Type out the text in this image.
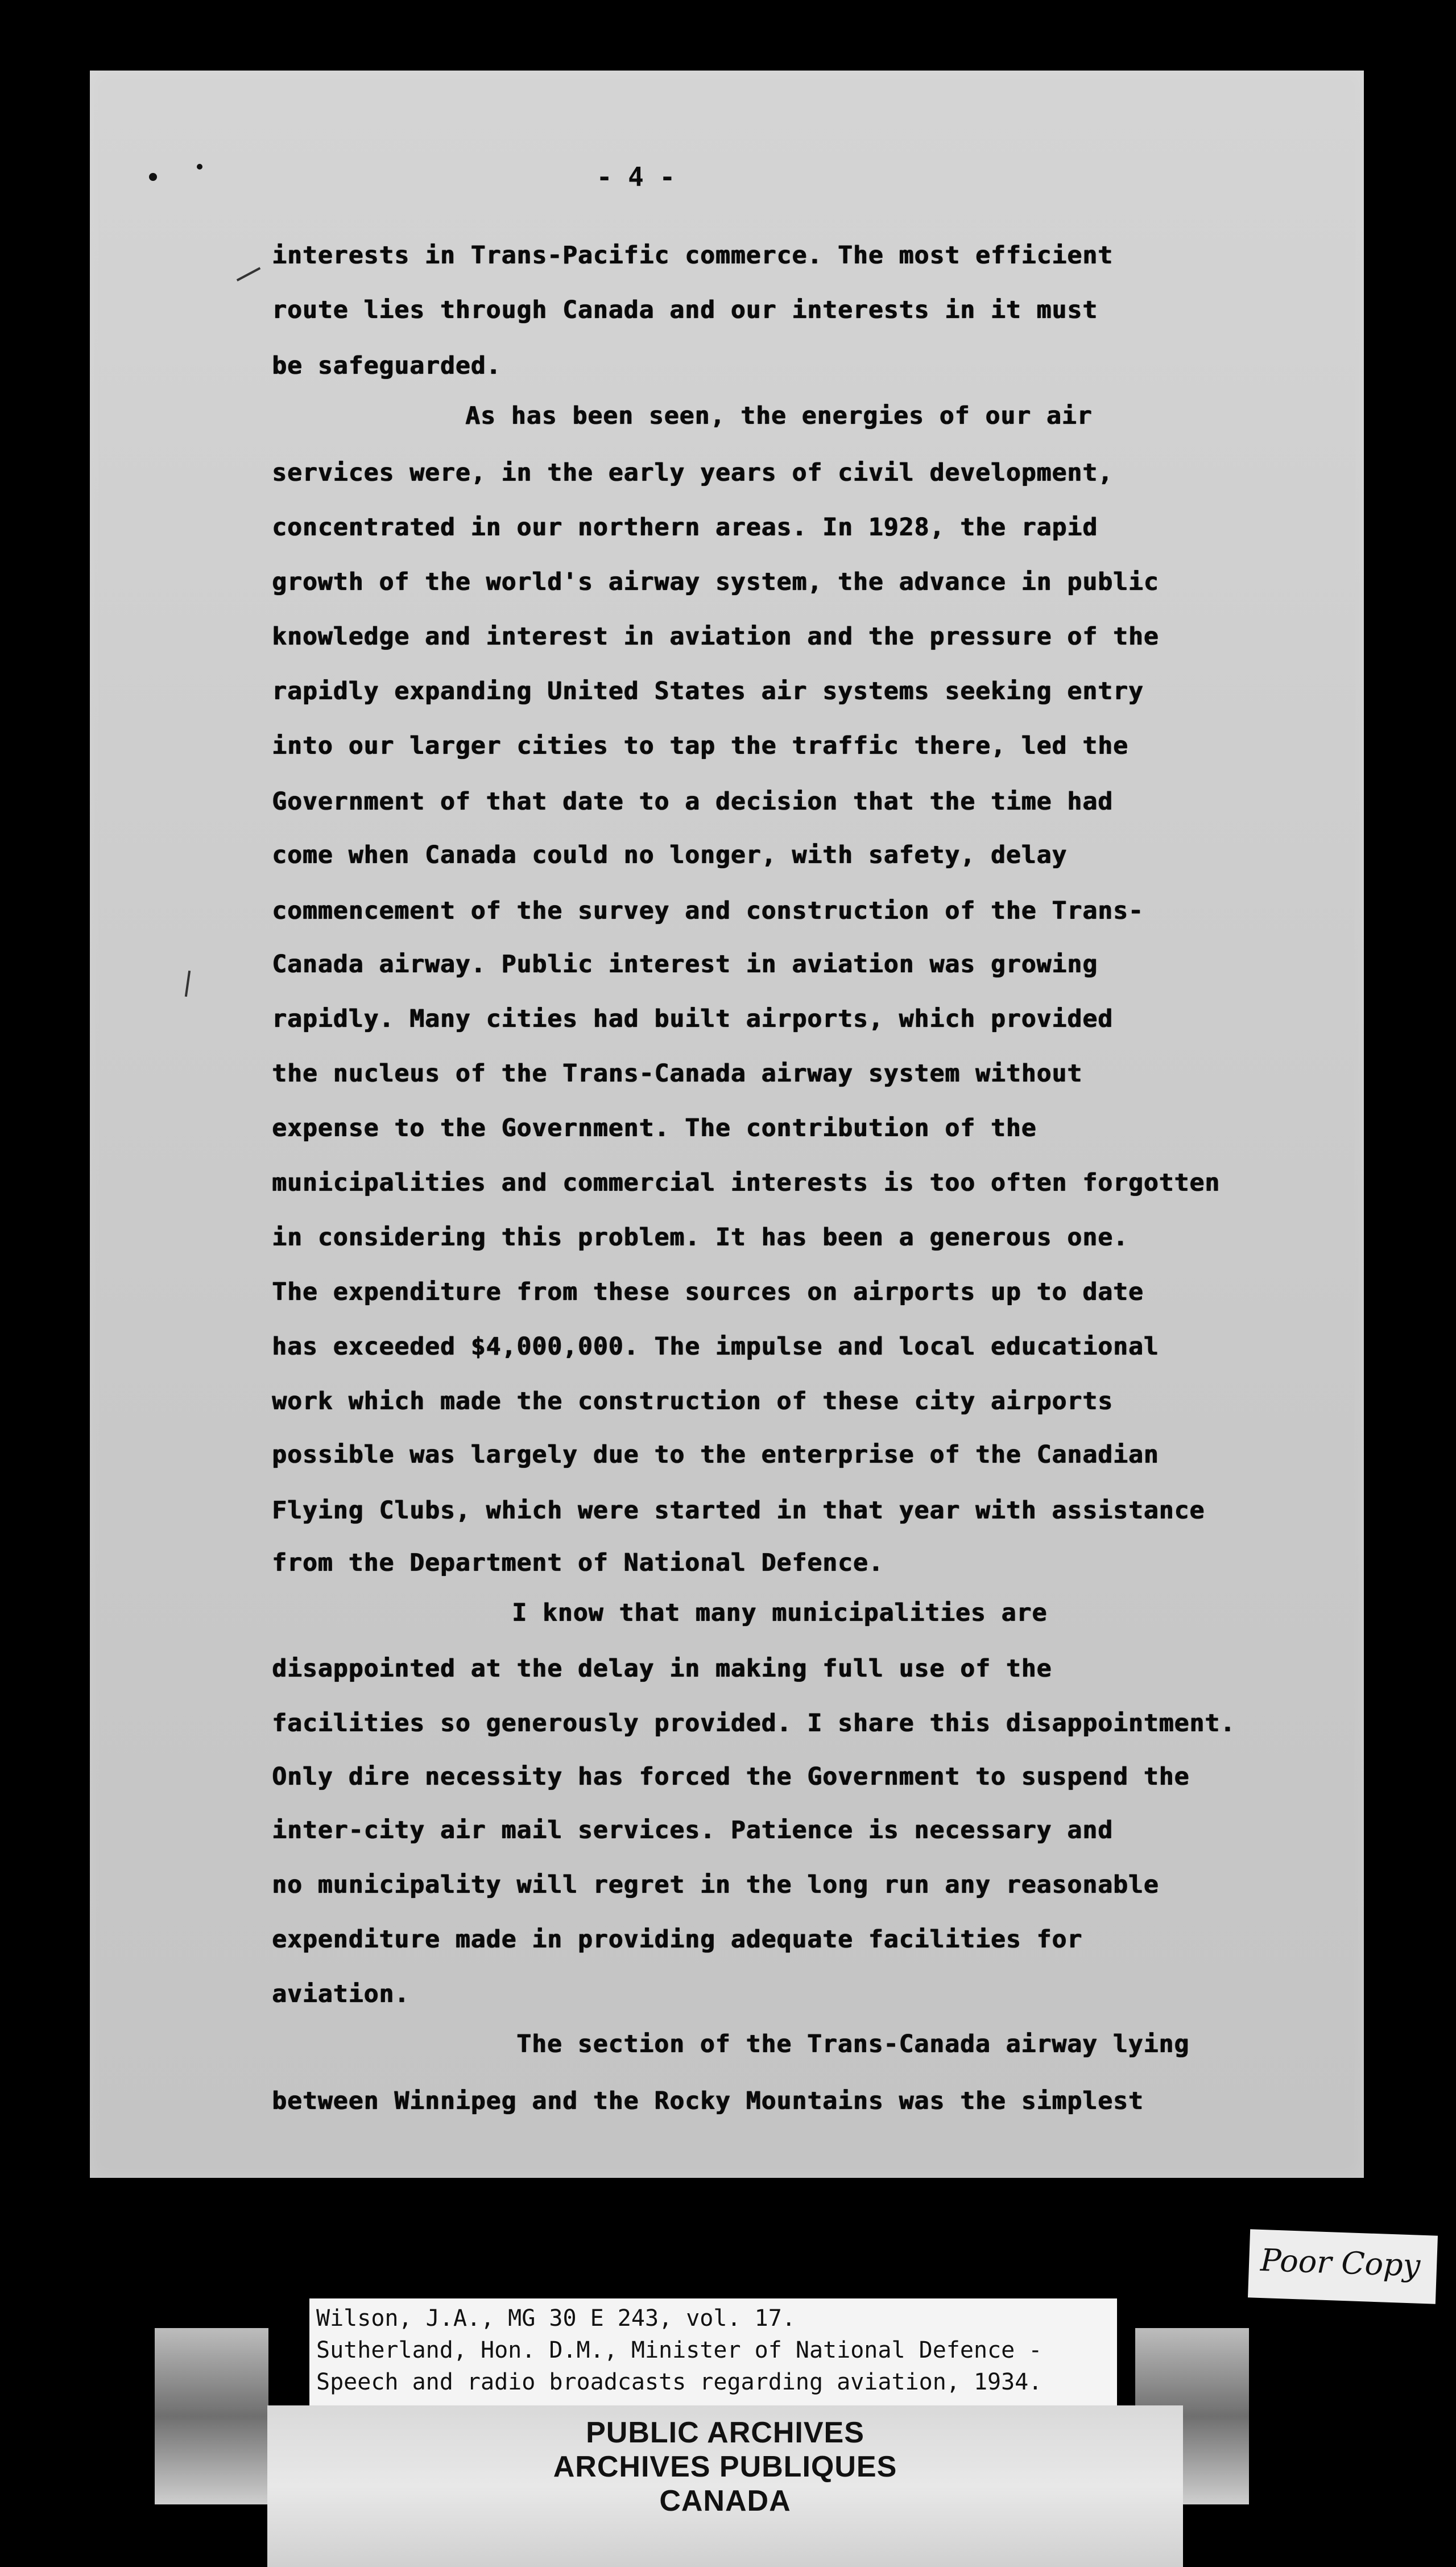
- 4 -
interests in Trans-Pacific commerce. The most efficient
route lies through Canada and our interests in it must
be safeguarded.
As has been seen, the energies of our air
services were, in the early years of civil development,
concentrated in our northern areas. In 1928, the rapid
growth of the world's airway system, the advance in public
knowledge and interest in aviation and the pressure of the
rapidly expanding United States air systems seeking entry
into our larger cities to tap the traffic there, led the
Government of that date to a decision that the time had
come when Canada could no longer, with safety, delay
commencement of the survey and construction of the Trans-
Canada airway. Public interest in aviation was growing
rapidly. Many cities had built airports, which provided
the nucleus of the Trans-Canada airway system without
expense to the Government. The contribution of the
municipalities and commercial interests is too often forgotten
in considering this problem. It has been a generous one.
The expenditure from these sources on airports up to date
has exceeded $4,000,000. The impulse and local educational
work which made the construction of these city airports
possible was largely due to the enterprise of the Canadian
Flying Clubs, which were started in that year with assistance
from the Department of National Defence.
I know that many municipalities are
disappointed at the delay in making full use of the
facilities so generously provided. I share this disappointment.
Only dire necessity has forced the Government to suspend the
inter-city air mail services. Patience is necessary and
no municipality will regret in the long run any reasonable
expenditure made in providing adequate facilities for
aviation.
The section of the Trans-Canada airway lying
between Winnipeg and the Rocky Mountains was the simplest
Wilson, J.A., MG 30 E 243, vol. 17.
Sutherland, Hon. D.M., Minister of National Defence -
Speech and radio broadcasts regarding aviation, 1934.
PUBLIC ARCHIVES
ARCHIVES PUBLIQUES
CANADA
Poor Copy
